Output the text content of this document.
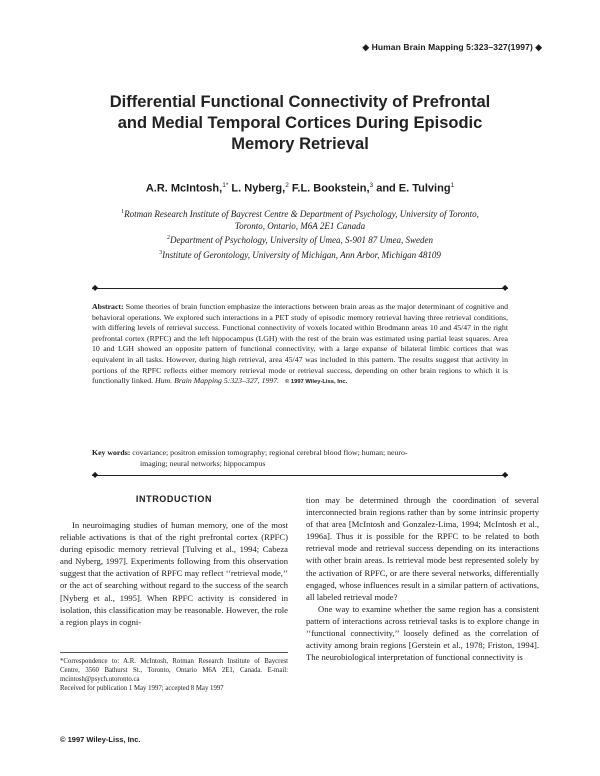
◆ Human Brain Mapping 5:323–327(1997) ◆
Differential Functional Connectivity of Prefrontal
and Medial Temporal Cortices During Episodic
Memory Retrieval
A.R. McIntosh,$^{1*}$ L. Nyberg,$^2$ F.L. Bookstein,$^3$ and E. Tulving$^1$
$^1$Rotman Research Institute of Baycrest Centre & Department of Psychology, University of Toronto,
Toronto, Ontario, M6A 2E1 Canada
$^2$Department of Psychology, University of Umea, S-901 87 Umea, Sweden
$^3$Institute of Gerontology, University of Michigan, Ann Arbor, Michigan 48109
◆	◆
Abstract: Some theories of brain function emphasize the interactions between brain areas as the major determinant of cognitive and behavioral operations. We explored such interactions in a PET study of episodic memory retrieval having three retrieval conditions, with differing levels of retrieval success. Functional connectivity of voxels located within Brodmann areas 10 and 45/47 in the right prefrontal cortex (RPFC) and the left hippocampus (LGH) with the rest of the brain was estimated using partial least squares. Area 10 and LGH showed an opposite pattern of functional connectivity, with a large expanse of bilateral limbic cortices that was equivalent in all tasks. However, during high retrieval, area 45/47 was included in this pattern. The results suggest that activity in portions of the RPFC reflects either memory retrieval mode or retrieval success, depending on other brain regions to which it is functionally linked. Hum. Brain Mapping 5:323–327, 1997. © 1997 Wiley-Liss, Inc.
Key words: covariance; positron emission tomography; regional cerebral blood flow; human; neuro-
imaging; neural networks; hippocampus
◆	◆
INTRODUCTION

In neuroimaging studies of human memory, one of the most reliable activations is that of the right prefrontal cortex (RPFC) during episodic memory retrieval [Tulving et al., 1994; Cabeza and Nyberg, 1997]. Experiments following from this observation suggest that the activation of RPFC may reflect ‘‘retrieval mode,’’ or the act of searching without regard to the success of the search [Nyberg et al., 1995]. When RPFC activity is considered in isolation, this classification may be reasonable. However, the role a region plays in cogni-

tion may be determined through the coordination of several interconnected brain regions rather than by some intrinsic property of that area [McIntosh and Gonzalez-Lima, 1994; McIntosh et al., 1996a]. Thus it is possible for the RPFC to be related to both retrieval mode and retrieval success depending on its interactions with other brain areas. Is retrieval mode best represented solely by the activation of RPFC, or are there several networks, differentially engaged, whose influences result in a similar pattern of activations, all labeled retrieval mode?

One way to examine whether the same region has a consistent pattern of interactions across retrieval tasks is to explore change in ‘‘functional connectivity,’’ loosely defined as the correlation of activity among brain regions [Gerstein et al., 1978; Friston, 1994]. The neurobiological interpretation of functional connectivity is

*Correspondence to: A.R. McIntosh, Rotman Research Institute of Baycrest Centre, 3560 Bathurst St., Toronto, Ontario M6A 2E1, Canada. E-mail: mcintosh@psych.utoronto.ca
Received for publication 1 May 1997; accepted 8 May 1997
© 1997 Wiley-Liss, Inc.
